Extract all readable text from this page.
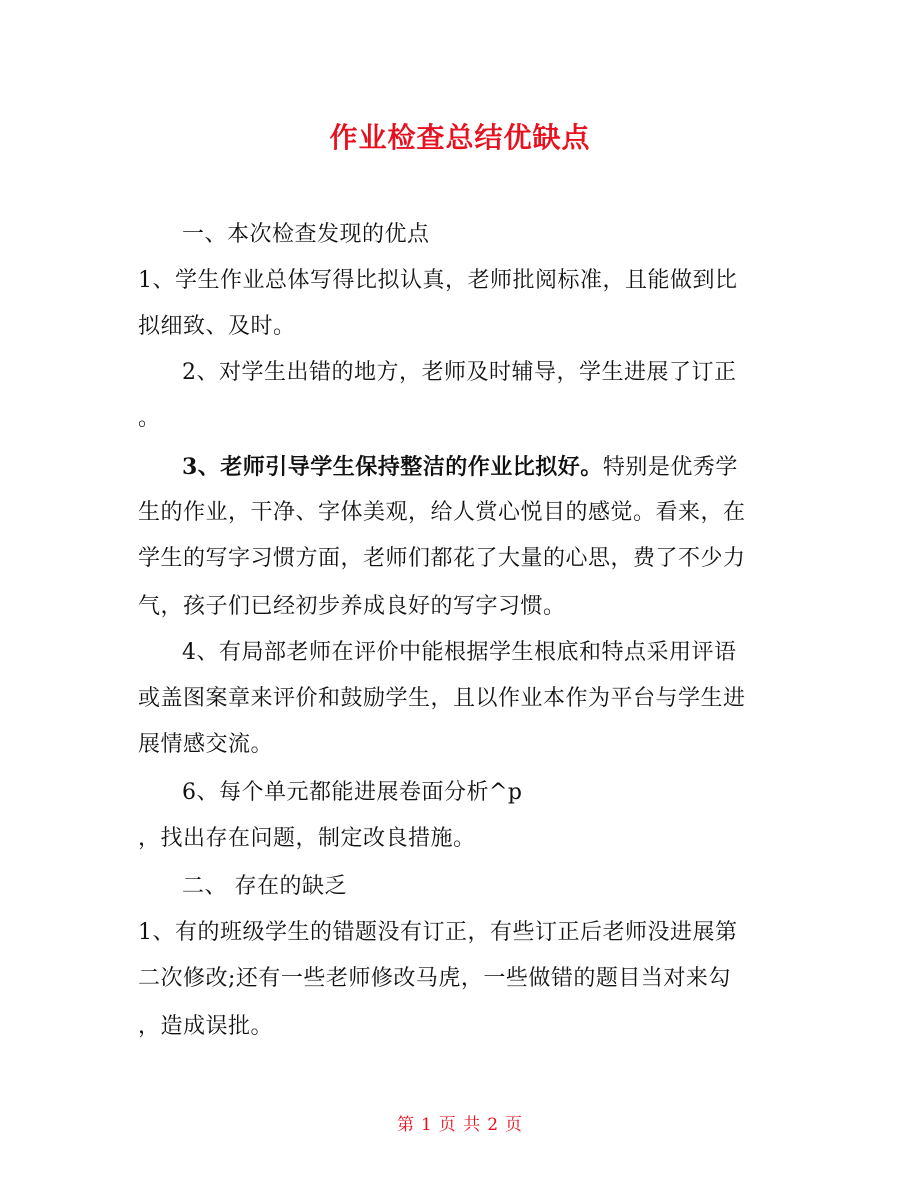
作业检查总结优缺点
一、本次检查发现的优点
1、学生作业总体写得比拟认真，老师批阅标准，且能做到比
拟细致、及时。
2、对学生出错的地方，老师及时辅导，学生进展了订正
。
3、老师引导学生保持整洁的作业比拟好。特别是优秀学
生的作业，干净、字体美观，给人赏心悦目的感觉。看来，在
学生的写字习惯方面，老师们都花了大量的心思，费了不少力
气，孩子们已经初步养成良好的写字习惯。
4、有局部老师在评价中能根据学生根底和特点采用评语
或盖图案章来评价和鼓励学生，且以作业本作为平台与学生进
展情感交流。
6、每个单元都能进展卷面分析^p
，找出存在问题，制定改良措施。
二、 存在的缺乏
1、有的班级学生的错题没有订正，有些订正后老师没进展第
二次修改;还有一些老师修改马虎，一些做错的题目当对来勾
，造成误批。
第 1 页 共 2 页
